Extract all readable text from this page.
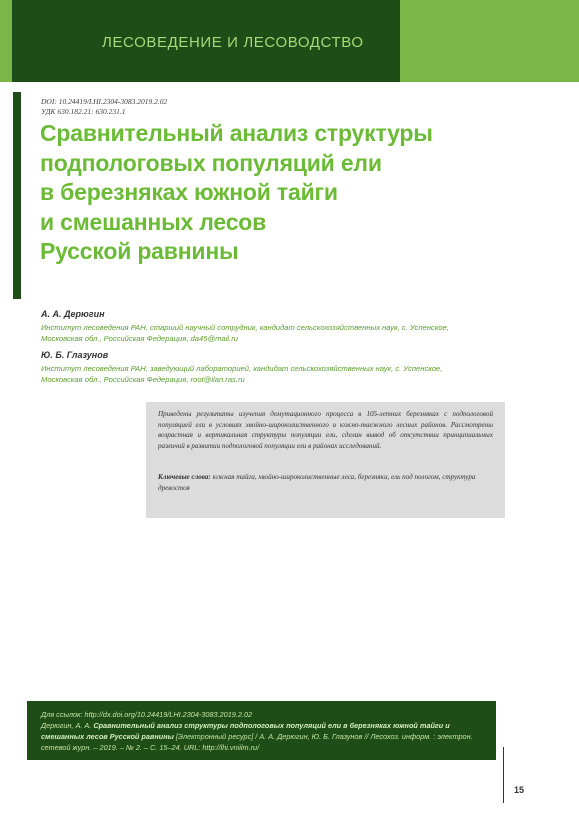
ЛЕСОВЕДЕНИЕ И ЛЕСОВОДСТВО
DOI: 10.24419/LHI.2304-3083.2019.2.02
УДК 630.182.21: 630.231.1
Сравнительный анализ структуры
подпологовых популяций ели
в березняках южной тайги
и смешанных лесов
Русской равнины
А. А. Дерюгин
Институт лесоведения РАН, старший научный сотрудник, кандидат сельскохозяйственных наук, с. Успенское, Московская обл., Российская Федерация, da45@mail.ru
Ю. Б. Глазунов
Институт лесоведения РАН, заведующий лабораторией, кандидат сельскохозяйственных наук, с. Успенское, Московская обл., Российская Федерация, root@ilan.ras.ru
Приведены результаты изучения демутационного процесса в 105-летних березняках с подпологовой популяцией ели в условиях хвойно-широколиственного и южно-таежного лесных районов. Рассмотрены возрастная и вертикальная структуры популяции ели, сделан вывод об отсутствии принципиальных различий в развитии подпологовой популяции ели в районах исследований.
Ключевые слова: южная тайга, хвойно-широколиственные леса, березняки, ель под пологом, структура древостоя
Для ссылок: http://dx.doi.org/10.24419/LHI.2304-3083.2019.2.02
Дерюгин, А. А. Сравнительный анализ структуры подпологовых популяций ели в березняках южной тайги и смешанных лесов Русской равнины [Электронный ресурс] / А. А. Дерюгин, Ю. Б. Глазунов // Лесохоз. информ. : электрон. сетевой журн. – 2019. – № 2. – С. 15–24. URL: http://lhi.vniilm.ru/
15
